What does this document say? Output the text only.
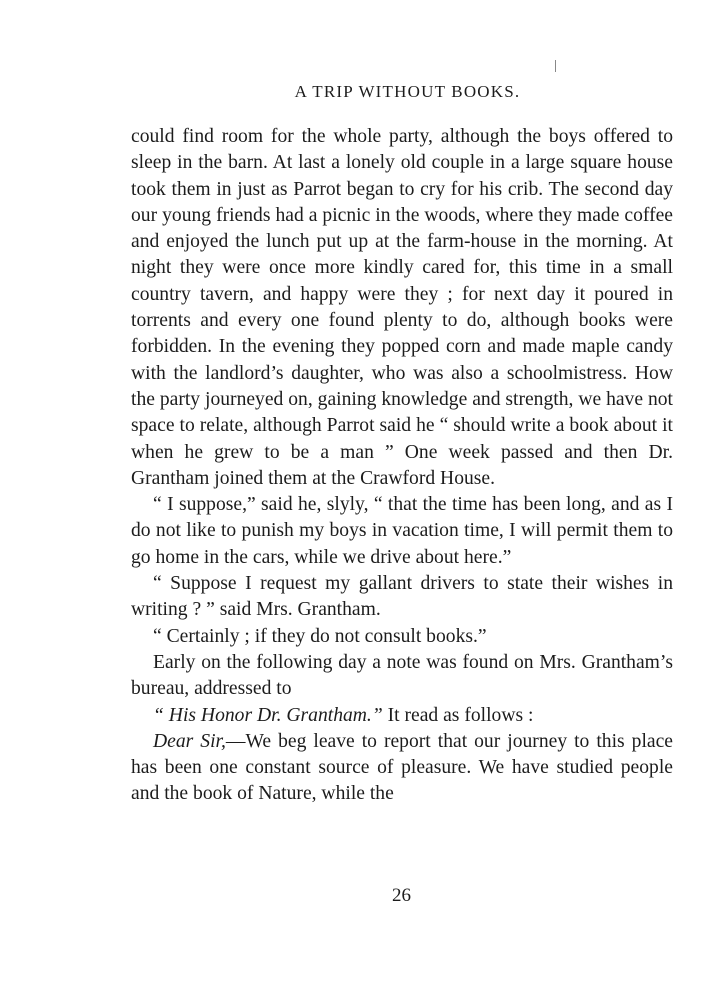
A TRIP WITHOUT BOOKS.

could find room for the whole party, although the boys offered to sleep in the barn. At last a lonely old couple in a large square house took them in just as Parrot began to cry for his crib. The second day our young friends had a picnic in the woods, where they made coffee and enjoyed the lunch put up at the farm-house in the morning. At night they were once more kindly cared for, this time in a small country tavern, and happy were they ; for next day it poured in torrents and every one found plenty to do, although books were forbidden. In the evening they popped corn and made maple candy with the landlord’s daughter, who was also a schoolmistress. How the party journeyed on, gaining knowledge and strength, we have not space to relate, although Parrot said he “ should write a book about it when he grew to be a man ” One week passed and then Dr. Grantham joined them at the Crawford House.

“ I suppose,” said he, slyly, “ that the time has been long, and as I do not like to punish my boys in vacation time, I will permit them to go home in the cars, while we drive about here.”

“ Suppose I request my gallant drivers to state their wishes in writing ? ” said Mrs. Grantham.

“ Certainly ; if they do not consult books.”

Early on the following day a note was found on Mrs. Grantham’s bureau, addressed to

“ His Honor Dr. Grantham.” It read as follows :

Dear Sir,—We beg leave to report that our journey to this place has been one constant source of pleasure. We have studied people and the book of Nature, while the

26
